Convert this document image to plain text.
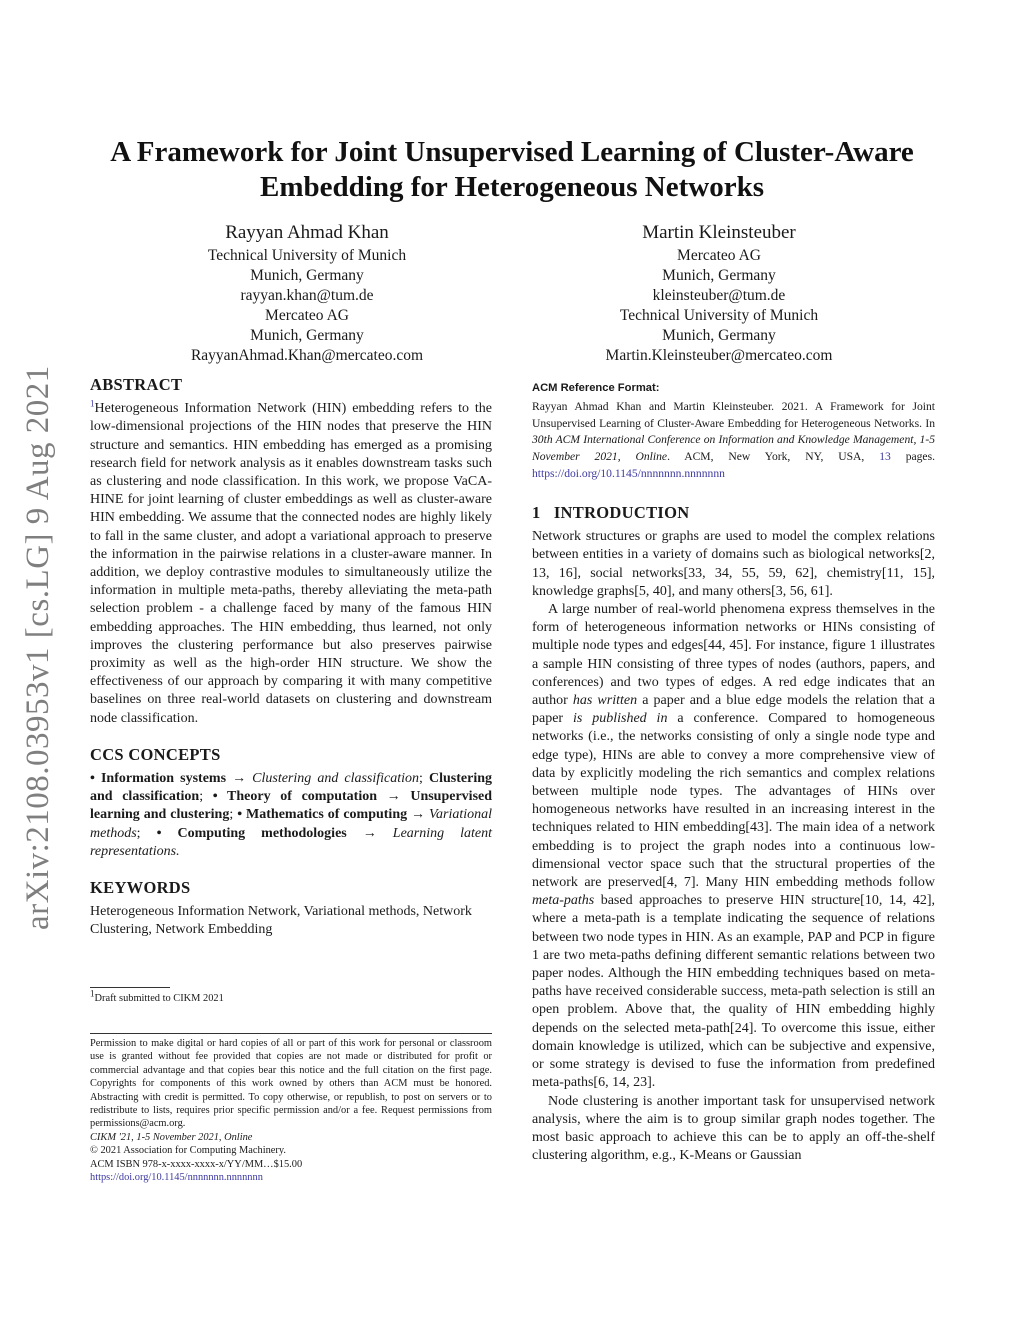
arXiv:2108.03953v1 [cs.LG] 9 Aug 2021
A Framework for Joint Unsupervised Learning of Cluster-Aware
Embedding for Heterogeneous Networks
Rayyan Ahmad Khan
Technical University of Munich
Munich, Germany
rayyan.khan@tum.de
Mercateo AG
Munich, Germany
RayyanAhmad.Khan@mercateo.com
Martin Kleinsteuber
Mercateo AG
Munich, Germany
kleinsteuber@tum.de
Technical University of Munich
Munich, Germany
Martin.Kleinsteuber@mercateo.com
ABSTRACT

$^1$Heterogeneous Information Network (HIN) embedding refers to the low-dimensional projections of the HIN nodes that preserve the HIN structure and semantics. HIN embedding has emerged as a promising research field for network analysis as it enables downstream tasks such as clustering and node classification. In this work, we propose VaCA-HINE for joint learning of cluster embeddings as well as cluster-aware HIN embedding. We assume that the connected nodes are highly likely to fall in the same cluster, and adopt a variational approach to preserve the information in the pairwise relations in a cluster-aware manner. In addition, we deploy contrastive modules to simultaneously utilize the information in multiple meta-paths, thereby alleviating the meta-path selection problem - a challenge faced by many of the famous HIN embedding approaches. The HIN embedding, thus learned, not only improves the clustering performance but also preserves pairwise proximity as well as the high-order HIN structure. We show the effectiveness of our approach by comparing it with many competitive baselines on three real-world datasets on clustering and downstream node classification.

CCS CONCEPTS

• Information systems → Clustering and classification; Clustering and classification; • Theory of computation → Unsupervised learning and clustering; • Mathematics of computing → Variational methods; • Computing methodologies → Learning latent representations.

KEYWORDS

Heterogeneous Information Network, Variational methods, Network Clustering, Network Embedding

$^1$Draft submitted to CIKM 2021
Permission to make digital or hard copies of all or part of this work for personal or classroom use is granted without fee provided that copies are not made or distributed for profit or commercial advantage and that copies bear this notice and the full citation on the first page. Copyrights for components of this work owned by others than ACM must be honored. Abstracting with credit is permitted. To copy otherwise, or republish, to post on servers or to redistribute to lists, requires prior specific permission and/or a fee. Request permissions from permissions@acm.org.
CIKM '21, 1-5 November 2021, Online
© 2021 Association for Computing Machinery.
ACM ISBN 978-x-xxxx-xxxx-x/YY/MM…$15.00
https://doi.org/10.1145/nnnnnnn.nnnnnnn
ACM Reference Format:

Rayyan Ahmad Khan and Martin Kleinsteuber. 2021. A Framework for Joint Unsupervised Learning of Cluster-Aware Embedding for Heterogeneous Networks. In 30th ACM International Conference on Information and Knowledge Management, 1-5 November 2021, Online. ACM, New York, NY, USA, 13 pages. https://doi.org/10.1145/nnnnnnn.nnnnnnn

1   INTRODUCTION

Network structures or graphs are used to model the complex relations between entities in a variety of domains such as biological networks[2, 13, 16], social networks[33, 34, 55, 59, 62], chemistry[11, 15], knowledge graphs[5, 40], and many others[3, 56, 61].

A large number of real-world phenomena express themselves in the form of heterogeneous information networks or HINs consisting of multiple node types and edges[44, 45]. For instance, figure 1 illustrates a sample HIN consisting of three types of nodes (authors, papers, and conferences) and two types of edges. A red edge indicates that an author has written a paper and a blue edge models the relation that a paper is published in a conference. Compared to homogeneous networks (i.e., the networks consisting of only a single node type and edge type), HINs are able to convey a more comprehensive view of data by explicitly modeling the rich semantics and complex relations between multiple node types. The advantages of HINs over homogeneous networks have resulted in an increasing interest in the techniques related to HIN embedding[43]. The main idea of a network embedding is to project the graph nodes into a continuous low-dimensional vector space such that the structural properties of the network are preserved[4, 7]. Many HIN embedding methods follow meta-paths based approaches to preserve HIN structure[10, 14, 42], where a meta-path is a template indicating the sequence of relations between two node types in HIN. As an example, PAP and PCP in figure 1 are two meta-paths defining different semantic relations between two paper nodes. Although the HIN embedding techniques based on meta-paths have received considerable success, meta-path selection is still an open problem. Above that, the quality of HIN embedding highly depends on the selected meta-path[24]. To overcome this issue, either domain knowledge is utilized, which can be subjective and expensive, or some strategy is devised to fuse the information from predefined meta-paths[6, 14, 23].

Node clustering is another important task for unsupervised network analysis, where the aim is to group similar graph nodes together. The most basic approach to achieve this can be to apply an off-the-shelf clustering algorithm, e.g., K-Means or Gaussian
